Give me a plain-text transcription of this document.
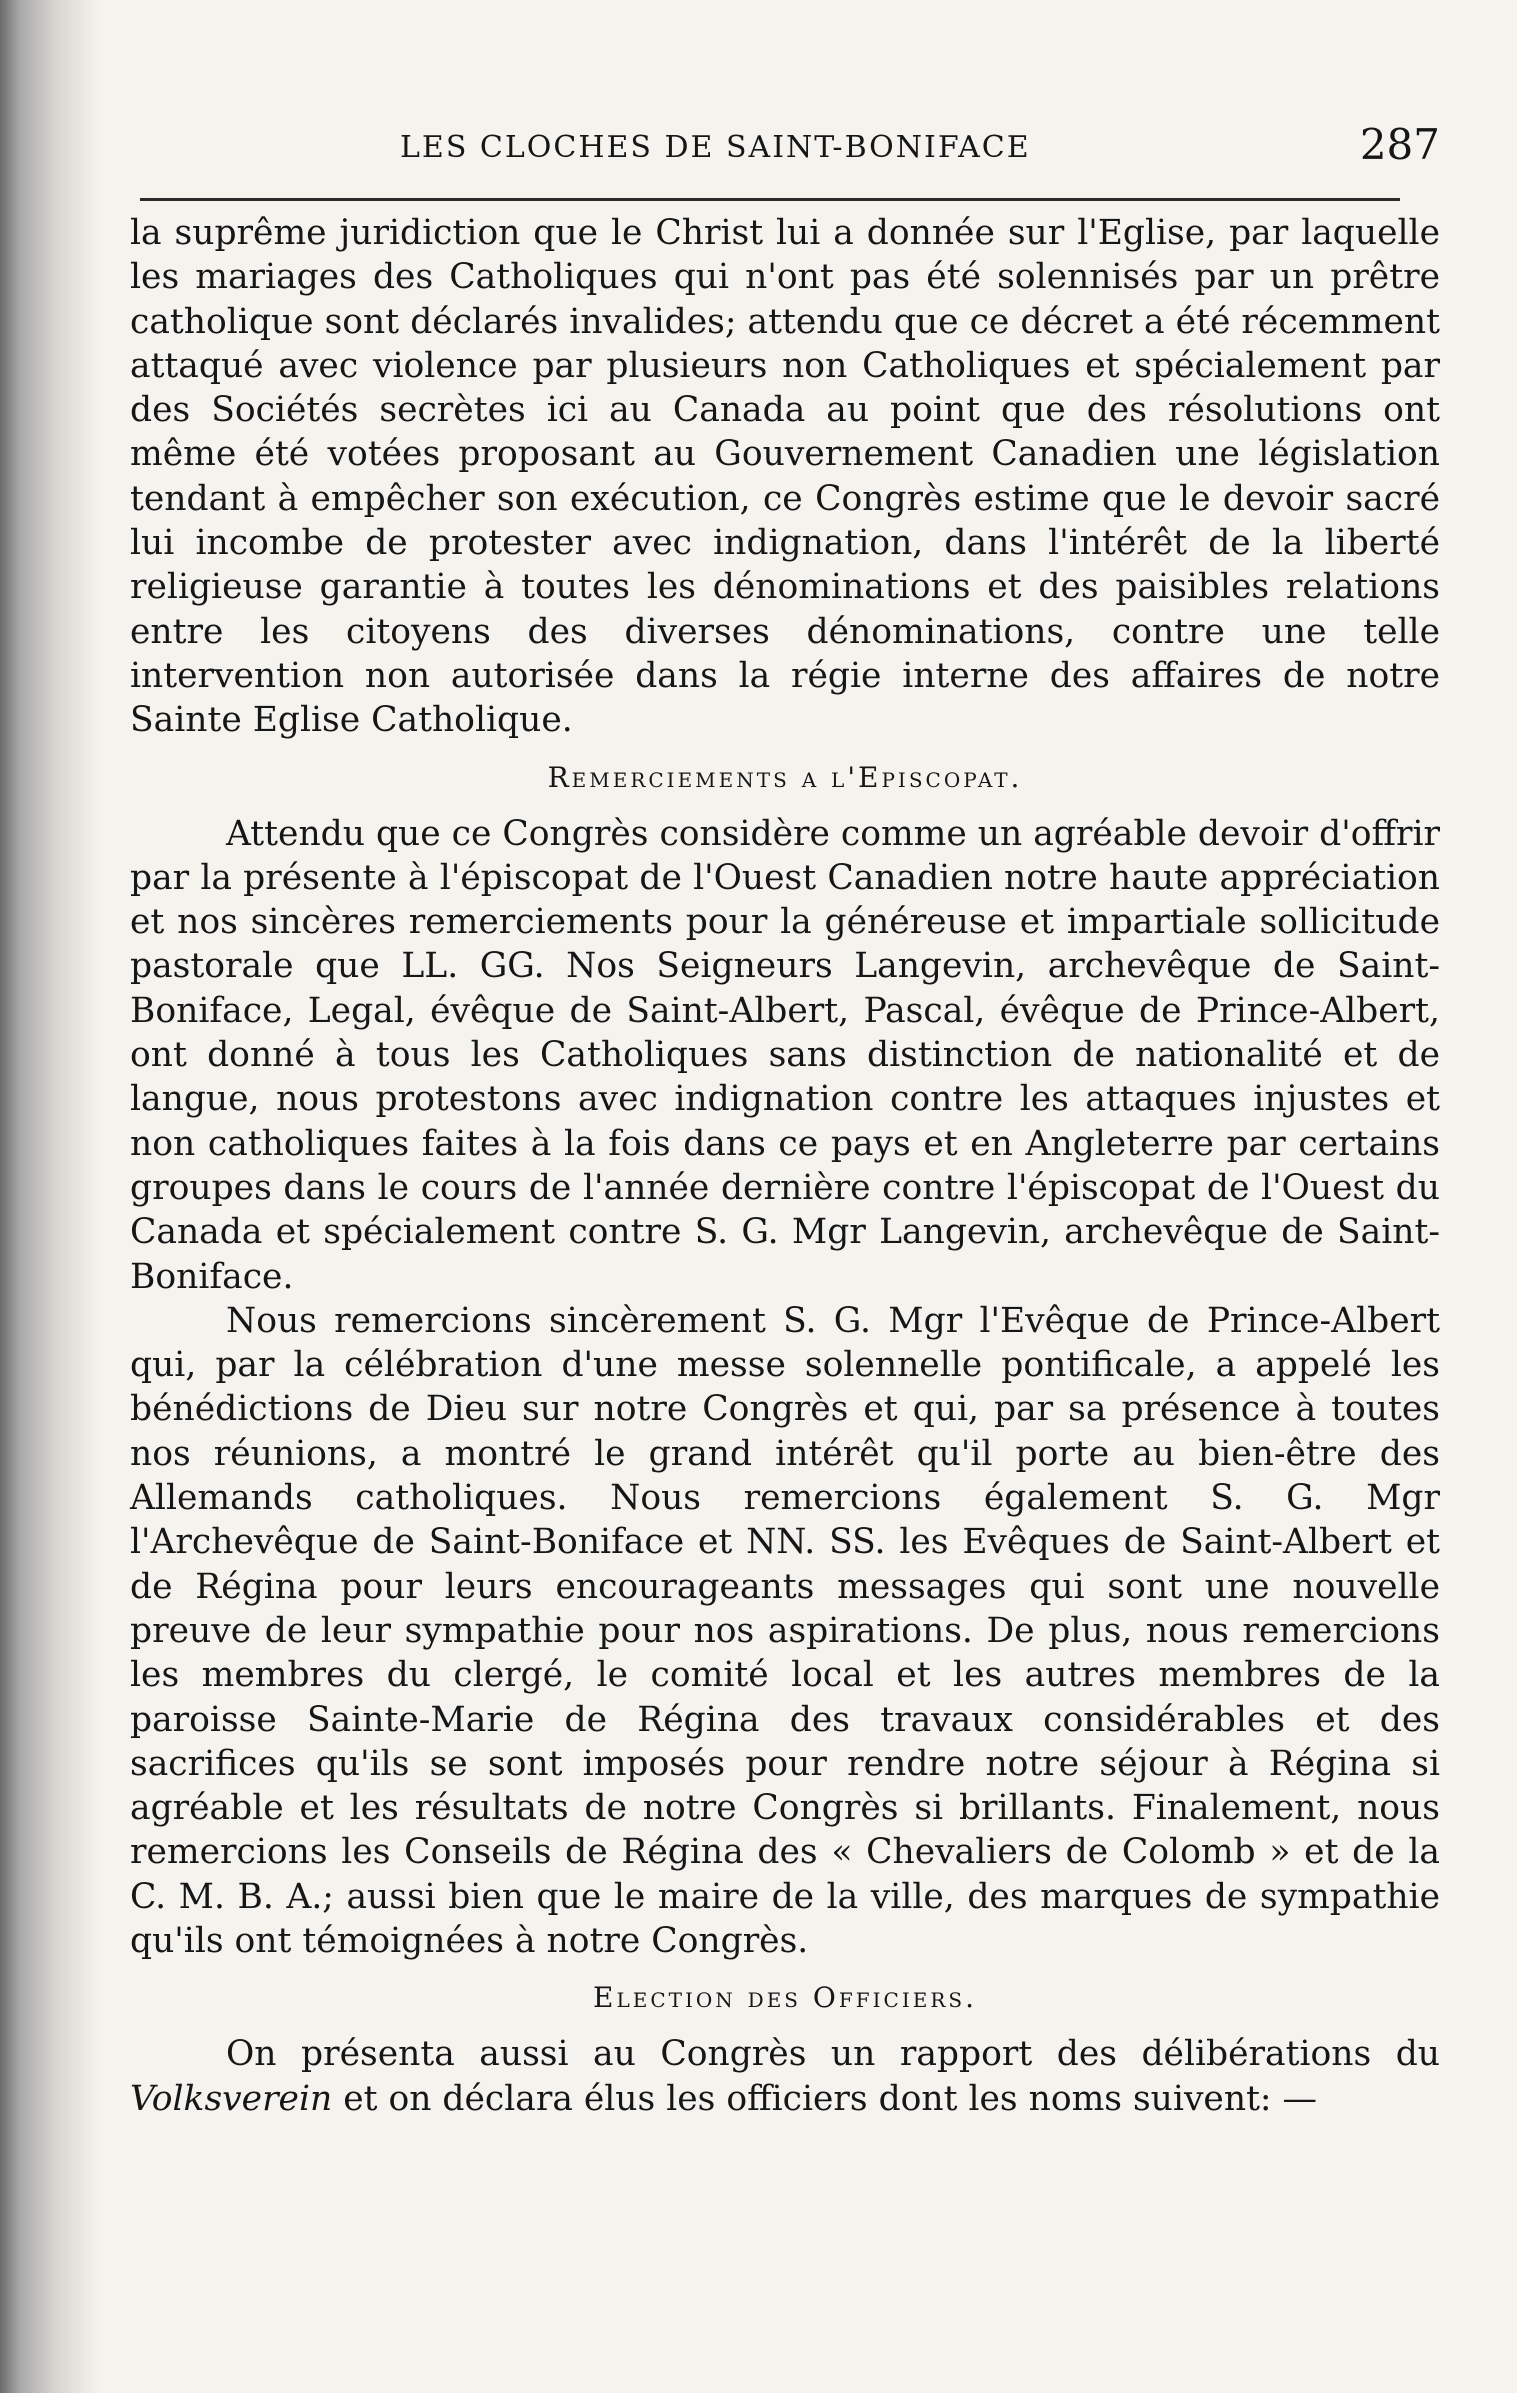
LES CLOCHES DE SAINT-BONIFACE	287

la suprême juridiction que le Christ lui a donnée sur l'Eglise, par laquelle les mariages des Catholiques qui n'ont pas été solennisés par un prêtre catholique sont déclarés invalides; attendu que ce décret a été récemment attaqué avec violence par plusieurs non Catholiques et spécialement par des Sociétés secrètes ici au Canada au point que des résolutions ont même été votées proposant au Gouvernement Canadien une législation tendant à empêcher son exécution, ce Congrès estime que le devoir sacré lui incombe de protester avec indignation, dans l'intérêt de la liberté religieuse garantie à toutes les dénominations et des paisibles relations entre les citoyens des diverses dénominations, contre une telle intervention non autorisée dans la régie interne des affaires de notre Sainte Eglise Catholique.

Remerciements a l'Episcopat.

Attendu que ce Congrès considère comme un agréable devoir d'offrir par la présente à l'épiscopat de l'Ouest Canadien notre haute appréciation et nos sincères remerciements pour la généreuse et impartiale sollicitude pastorale que LL. GG. Nos Seigneurs Langevin, archevêque de Saint-Boniface, Legal, évêque de Saint-Albert, Pascal, évêque de Prince-Albert, ont donné à tous les Catholiques sans distinction de nationalité et de langue, nous protestons avec indignation contre les attaques injustes et non catholiques faites à la fois dans ce pays et en Angleterre par certains groupes dans le cours de l'année dernière contre l'épiscopat de l'Ouest du Canada et spécialement contre S. G. Mgr Langevin, archevêque de Saint-Boniface.

Nous remercions sincèrement S. G. Mgr l'Evêque de Prince-Albert qui, par la célébration d'une messe solennelle pontificale, a appelé les bénédictions de Dieu sur notre Congrès et qui, par sa présence à toutes nos réunions, a montré le grand intérêt qu'il porte au bien-être des Allemands catholiques. Nous remercions également S. G. Mgr l'Archevêque de Saint-Boniface et NN. SS. les Evêques de Saint-Albert et de Régina pour leurs encourageants messages qui sont une nouvelle preuve de leur sympathie pour nos aspirations. De plus, nous remercions les membres du clergé, le comité local et les autres membres de la paroisse Sainte-Marie de Régina des travaux considérables et des sacrifices qu'ils se sont imposés pour rendre notre séjour à Régina si agréable et les résultats de notre Congrès si brillants. Finalement, nous remercions les Conseils de Régina des « Chevaliers de Colomb » et de la C. M. B. A.; aussi bien que le maire de la ville, des marques de sympathie qu'ils ont témoignées à notre Congrès.

Election des Officiers.

On présenta aussi au Congrès un rapport des délibérations du Volksverein et on déclara élus les officiers dont les noms suivent: —
